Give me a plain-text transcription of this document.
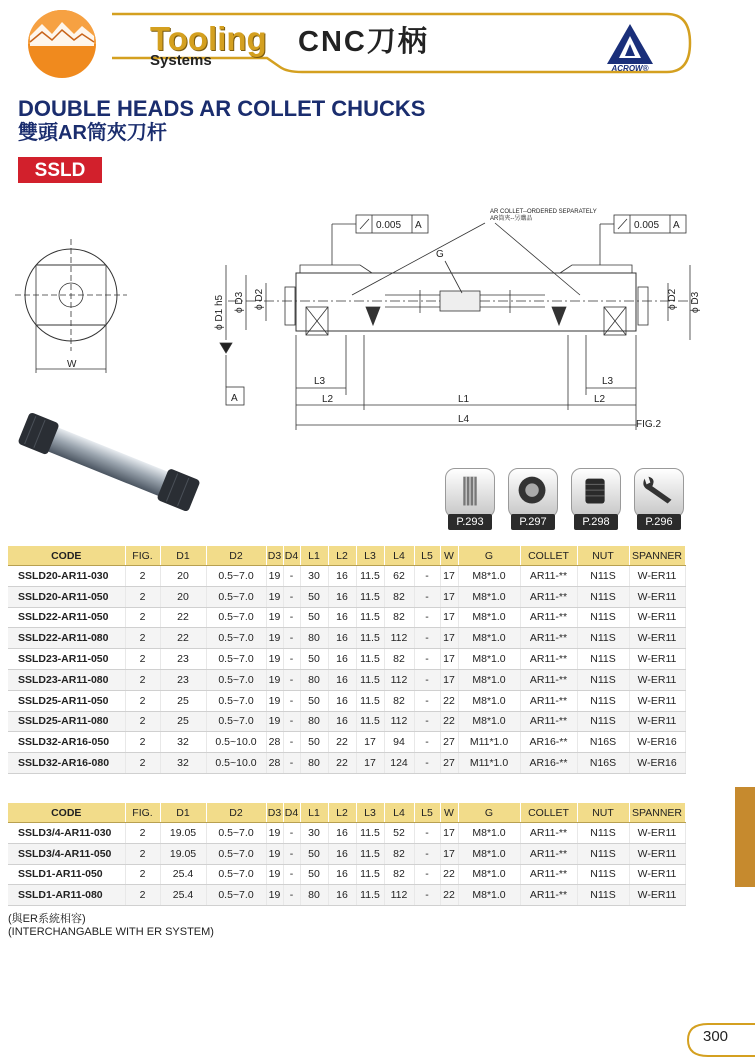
Tooling
Systems
CNC刀柄
ACROW®
DOUBLE HEADS AR COLLET CHUCKS
雙頭AR筒夾刀杆
SSLD
W
ϕ D1 h5 ϕ D3 ϕ D2
A
ϕ D3
ϕ D2
0.005 A	0.005 A
AR COLLET--ORDERED SEPARATELY
AR筒夾--另購品
G
L3	L3
L2	L1	L2
L4	FIG.2
P.293	P.297	P.298	P.296
CODE	FIG.	D1	D2	D3	D4	L1	L2	L3	L4	L5	W	G	COLLET	NUT	SPANNER
SSLD20-AR11-030	2	20	0.5~7.0	19	-	30	16	11.5	62	-	17	M8*1.0	AR11-**	N11S	W-ER11
SSLD20-AR11-050	2	20	0.5~7.0	19	-	50	16	11.5	82	-	17	M8*1.0	AR11-**	N11S	W-ER11
SSLD22-AR11-050	2	22	0.5~7.0	19	-	50	16	11.5	82	-	17	M8*1.0	AR11-**	N11S	W-ER11
SSLD22-AR11-080	2	22	0.5~7.0	19	-	80	16	11.5	112	-	17	M8*1.0	AR11-**	N11S	W-ER11
SSLD23-AR11-050	2	23	0.5~7.0	19	-	50	16	11.5	82	-	17	M8*1.0	AR11-**	N11S	W-ER11
SSLD23-AR11-080	2	23	0.5~7.0	19	-	80	16	11.5	112	-	17	M8*1.0	AR11-**	N11S	W-ER11
SSLD25-AR11-050	2	25	0.5~7.0	19	-	50	16	11.5	82	-	22	M8*1.0	AR11-**	N11S	W-ER11
SSLD25-AR11-080	2	25	0.5~7.0	19	-	80	16	11.5	112	-	22	M8*1.0	AR11-**	N11S	W-ER11
SSLD32-AR16-050	2	32	0.5~10.0	28	-	50	22	17	94	-	27	M11*1.0	AR16-**	N16S	W-ER16
SSLD32-AR16-080	2	32	0.5~10.0	28	-	80	22	17	124	-	27	M11*1.0	AR16-**	N16S	W-ER16
CODE	FIG.	D1	D2	D3	D4	L1	L2	L3	L4	L5	W	G	COLLET	NUT	SPANNER
SSLD3/4-AR11-030	2	19.05	0.5~7.0	19	-	30	16	11.5	52	-	17	M8*1.0	AR11-**	N11S	W-ER11
SSLD3/4-AR11-050	2	19.05	0.5~7.0	19	-	50	16	11.5	82	-	17	M8*1.0	AR11-**	N11S	W-ER11
SSLD1-AR11-050	2	25.4	0.5~7.0	19	-	50	16	11.5	82	-	22	M8*1.0	AR11-**	N11S	W-ER11
SSLD1-AR11-080	2	25.4	0.5~7.0	19	-	80	16	11.5	112	-	22	M8*1.0	AR11-**	N11S	W-ER11
(與ER系統相容)
(INTERCHANGABLE WITH ER SYSTEM)
300
